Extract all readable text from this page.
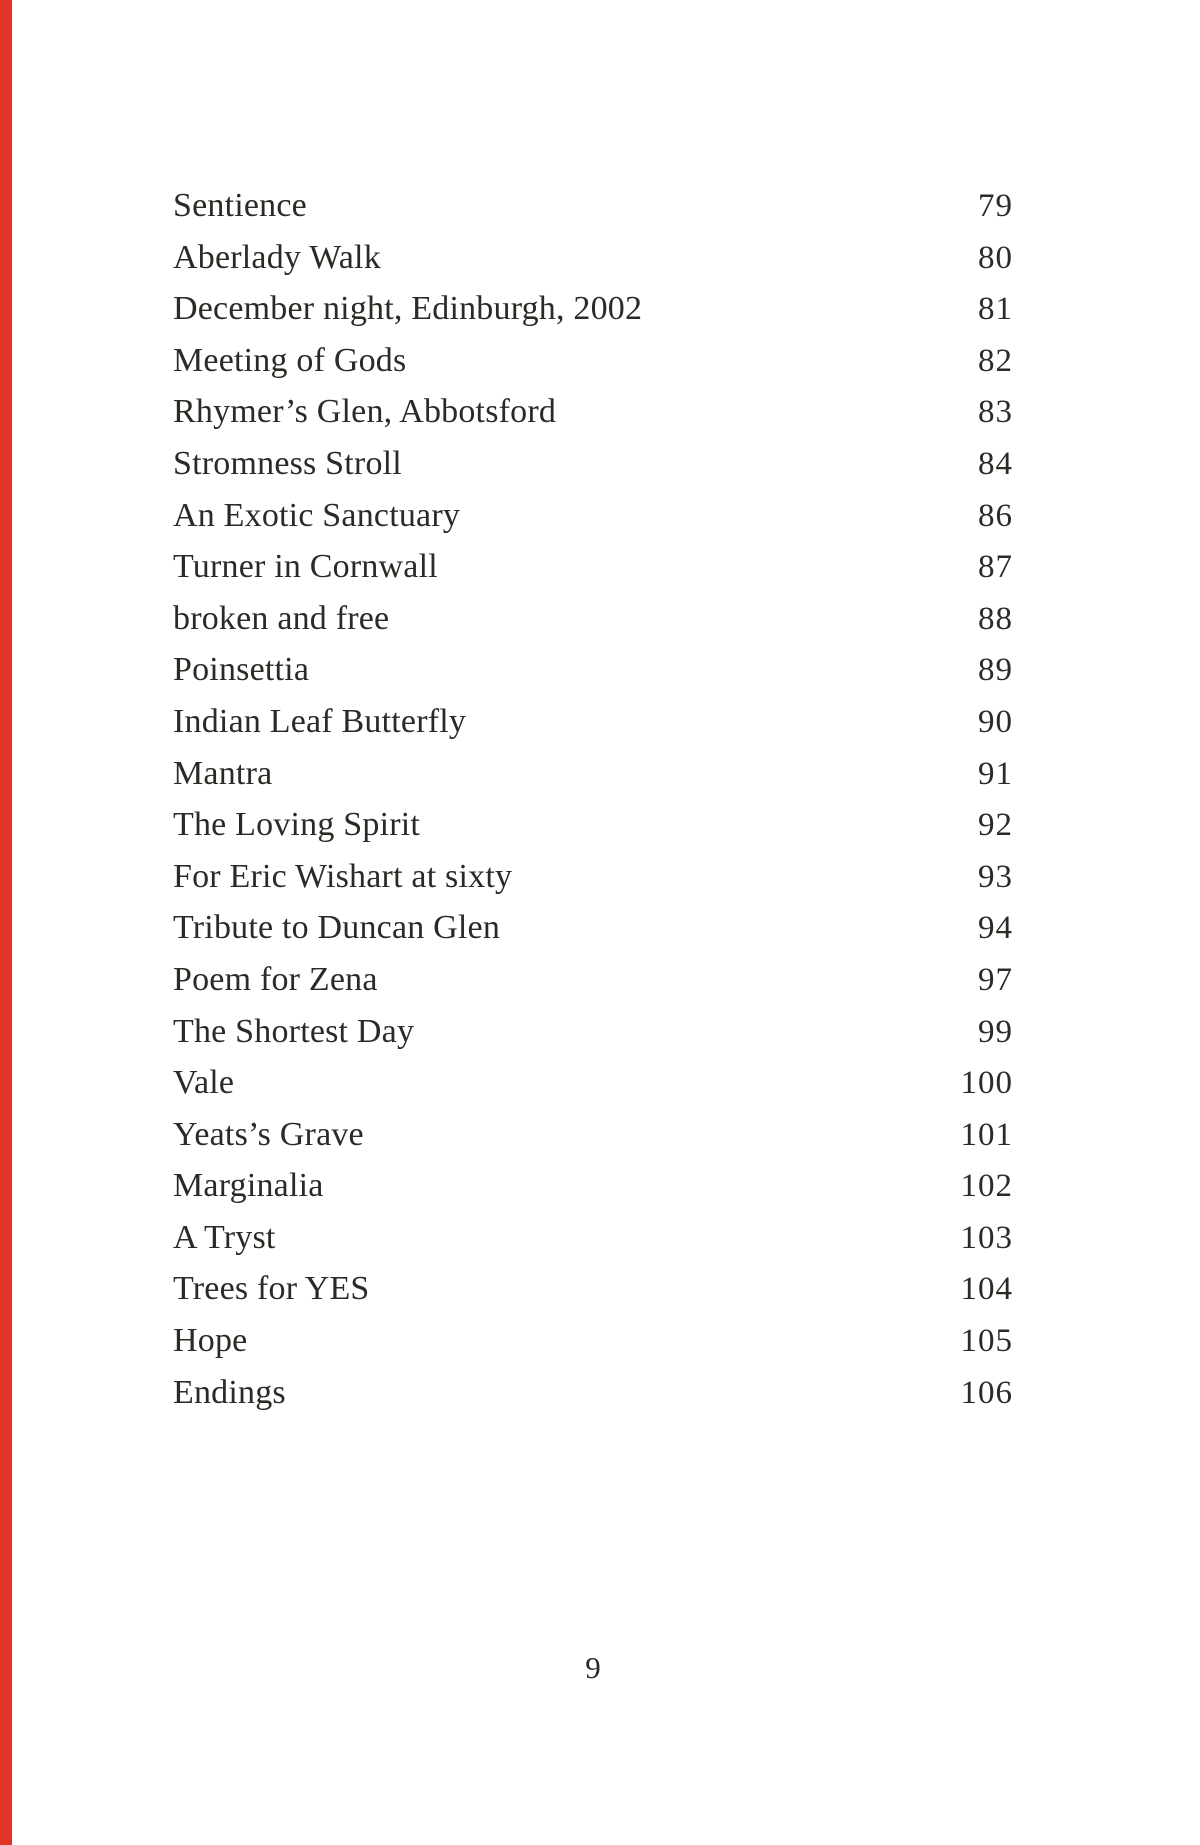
Sentience	79
Aberlady Walk	80
December night, Edinburgh, 2002	81
Meeting of Gods	82
Rhymer’s Glen, Abbotsford	83
Stromness Stroll	84
An Exotic Sanctuary	86
Turner in Cornwall	87
broken and free	88
Poinsettia	89
Indian Leaf Butterfly	90
Mantra	91
The Loving Spirit	92
For Eric Wishart at sixty	93
Tribute to Duncan Glen	94
Poem for Zena	97
The Shortest Day	99
Vale	100
Yeats’s Grave	101
Marginalia	102
A Tryst	103
Trees for YES	104
Hope	105
Endings	106
9
